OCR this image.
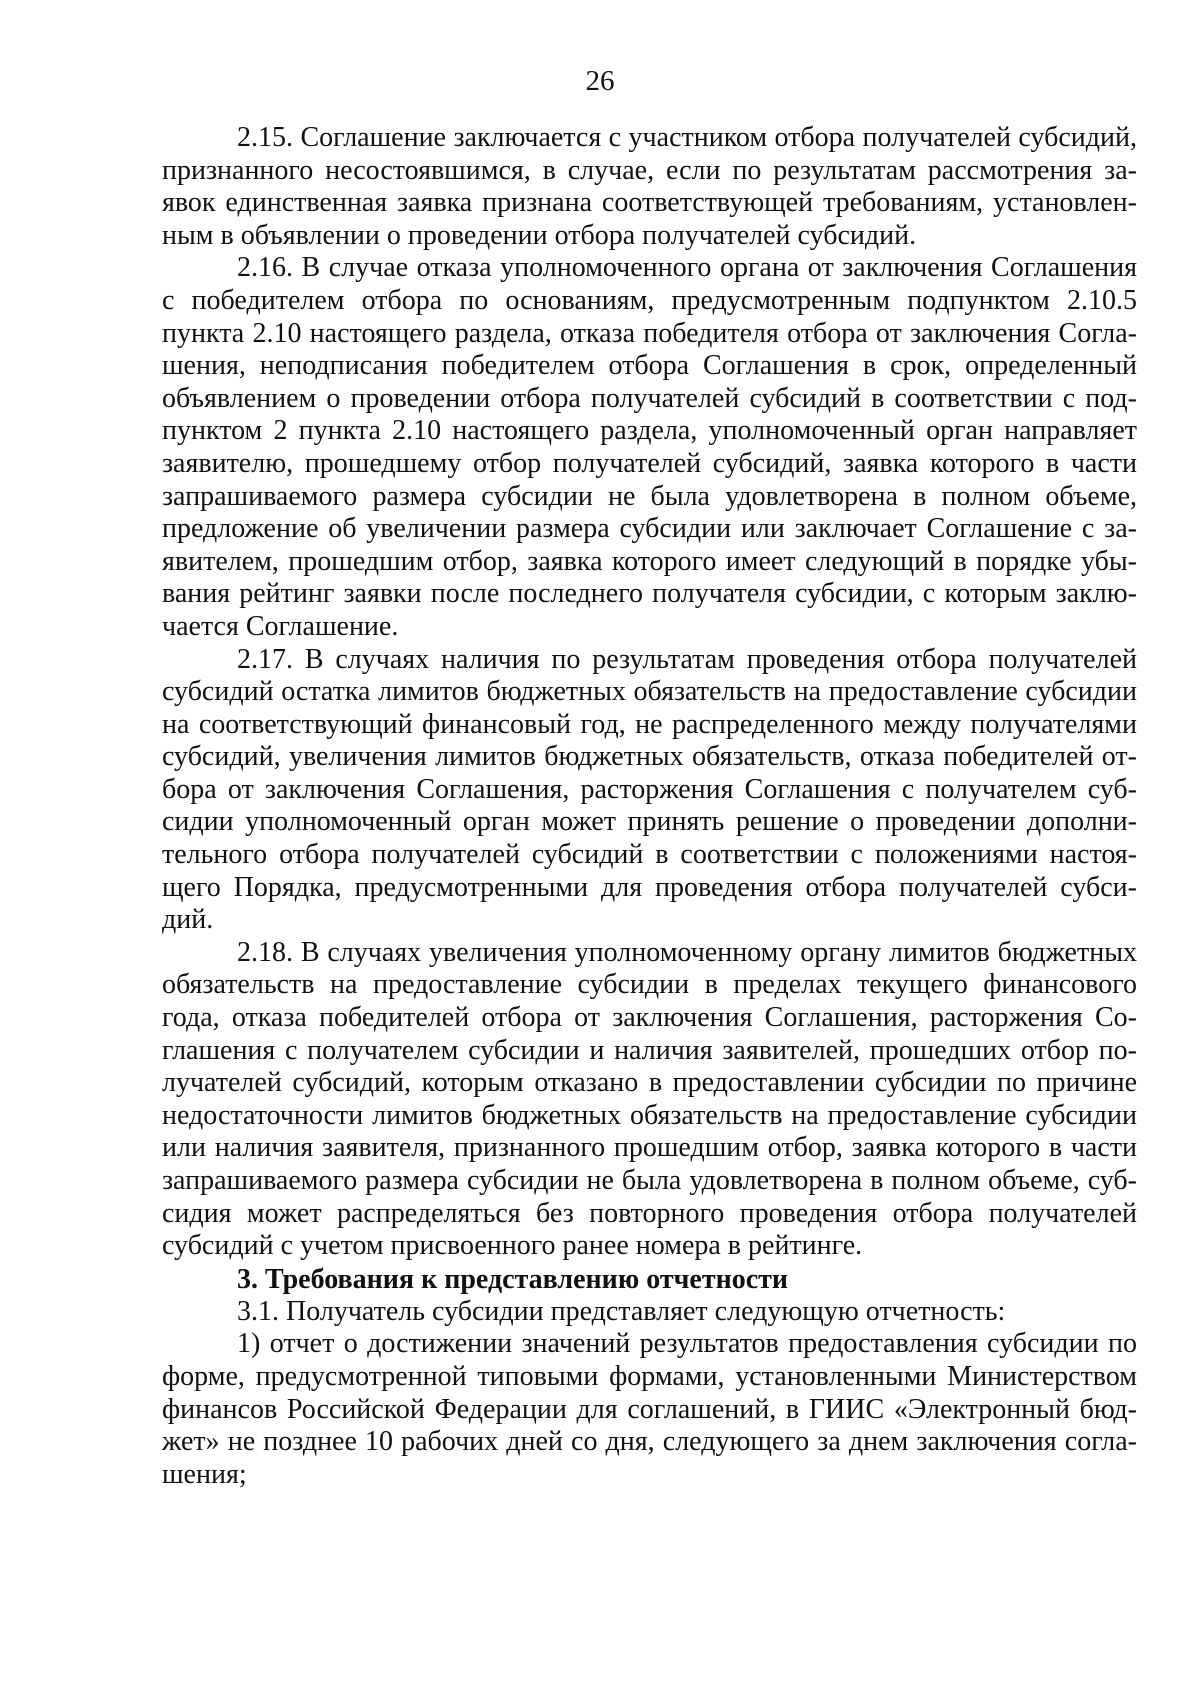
26

2.15. Соглашение заключается с участником отбора получателей субсидий, признанного несостоявшимся, в случае, если по результатам рассмотрения заявок единственная заявка признана соответствующей требованиям, установленным в объявлении о проведении отбора получателей субсидий.

2.16. В случае отказа уполномоченного органа от заключения Соглашения с победителем отбора по основаниям, предусмотренным подпунктом 2.10.5 пункта 2.10 настоящего раздела, отказа победителя отбора от заключения Соглашения, неподписания победителем отбора Соглашения в срок, определенный объявлением о проведении отбора получателей субсидий в соответствии с подпунктом 2 пункта 2.10 настоящего раздела, уполномоченный орган направляет заявителю, прошедшему отбор получателей субсидий, заявка которого в части запрашиваемого размера субсидии не была удовлетворена в полном объеме, предложение об увеличении размера субсидии или заключает Соглашение с заявителем, прошедшим отбор, заявка которого имеет следующий в порядке убывания рейтинг заявки после последнего получателя субсидии, с которым заключается Соглашение.

2.17. В случаях наличия по результатам проведения отбора получателей субсидий остатка лимитов бюджетных обязательств на предоставление субсидии на соответствующий финансовый год, не распределенного между получателями субсидий, увеличения лимитов бюджетных обязательств, отказа победителей отбора от заключения Соглашения, расторжения Соглашения с получателем субсидии уполномоченный орган может принять решение о проведении дополнительного отбора получателей субсидий в соответствии с положениями настоящего Порядка, предусмотренными для проведения отбора получателей субсидий.

2.18. В случаях увеличения уполномоченному органу лимитов бюджетных обязательств на предоставление субсидии в пределах текущего финансового года, отказа победителей отбора от заключения Соглашения, расторжения Соглашения с получателем субсидии и наличия заявителей, прошедших отбор получателей субсидий, которым отказано в предоставлении субсидии по причине недостаточности лимитов бюджетных обязательств на предоставление субсидии или наличия заявителя, признанного прошедшим отбор, заявка которого в части запрашиваемого размера субсидии не была удовлетворена в полном объеме, субсидия может распределяться без повторного проведения отбора получателей субсидий с учетом присвоенного ранее номера в рейтинге.

3. Требования к представлению отчетности

3.1. Получатель субсидии представляет следующую отчетность:

1) отчет о достижении значений результатов предоставления субсидии по форме, предусмотренной типовыми формами, установленными Министерством финансов Российской Федерации для соглашений, в ГИИС «Электронный бюджет» не позднее 10 рабочих дней со дня, следующего за днем заключения соглашения;
